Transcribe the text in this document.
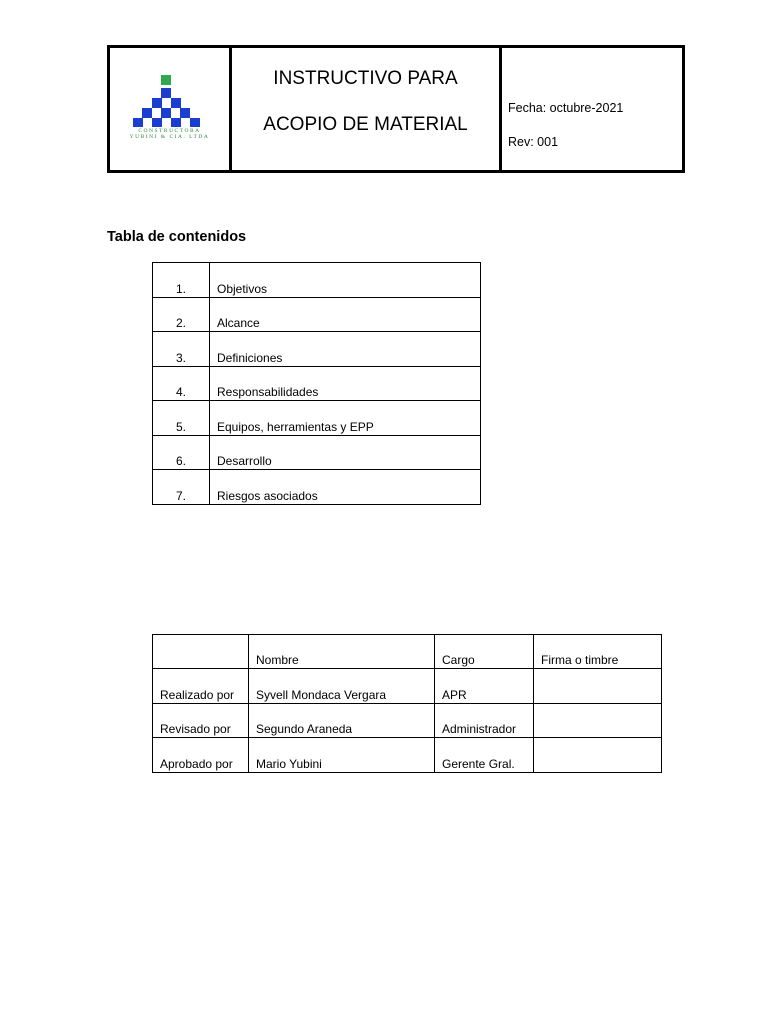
CONSTRUCTORA
YUBINI & CIA. LTDA
INSTRUCTIVO PARA
ACOPIO DE MATERIAL
Fecha: octubre-2021
Rev: 001
Tabla de contenidos
1.	Objetivos
2.	Alcance
3.	Definiciones
4.	Responsabilidades
5.	Equipos, herramientas y EPP
6.	Desarrollo
7.	Riesgos asociados
	Nombre	Cargo	Firma o timbre
Realizado por	Syvell Mondaca Vergara	APR	
Revisado por	Segundo Araneda	Administrador	
Aprobado por	Mario Yubini	Gerente Gral.	
